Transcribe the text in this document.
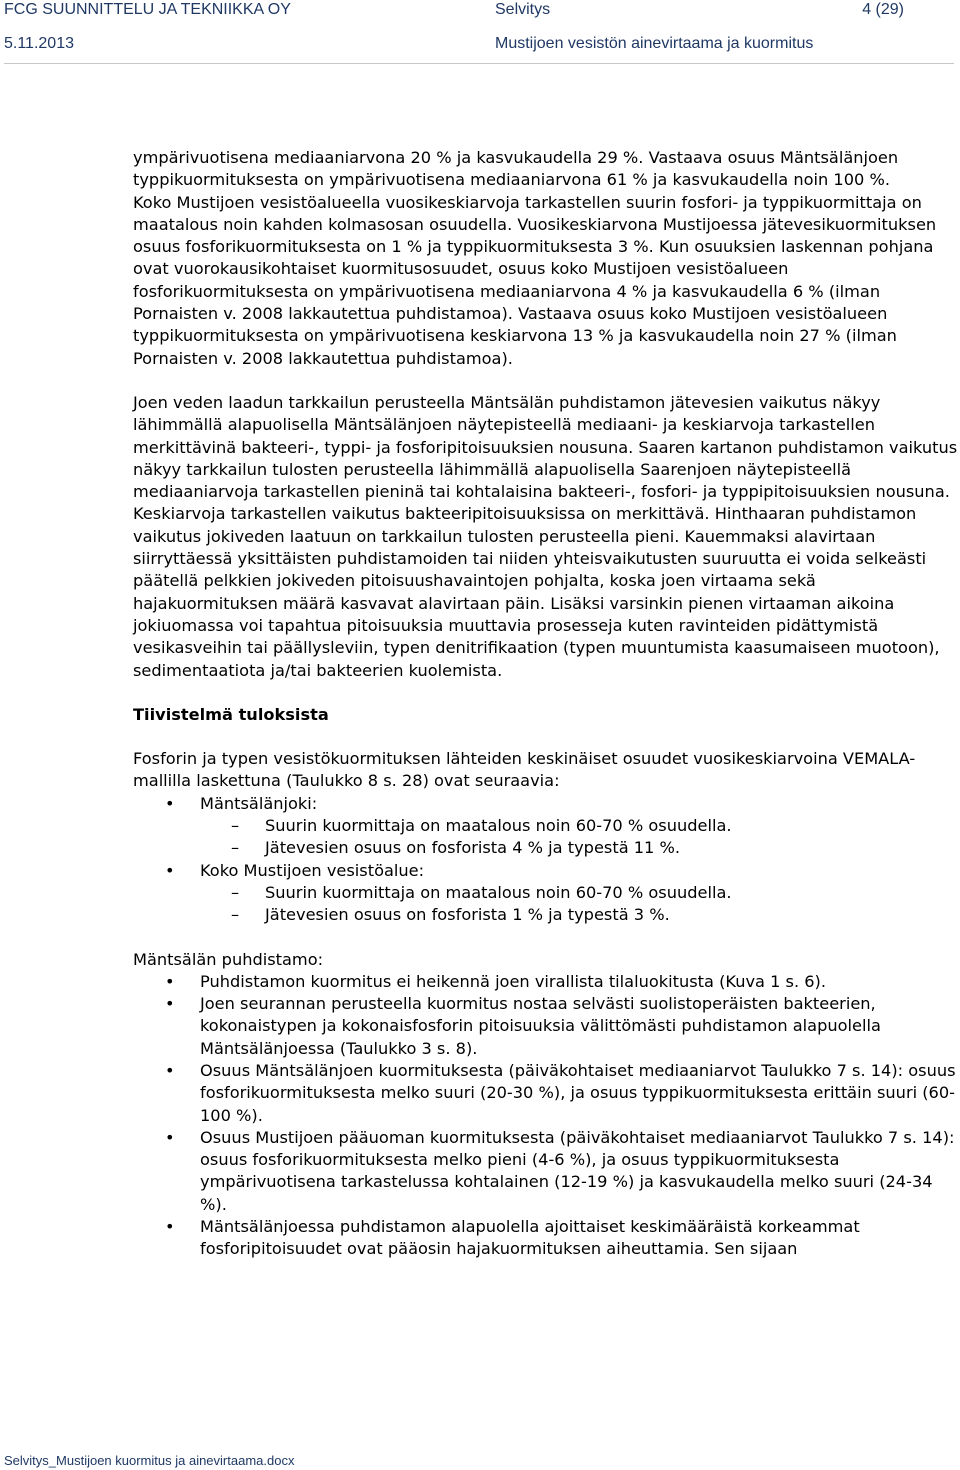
FCG SUUNNITTELU JA TEKNIIKKA OY	Selvitys	4 (29)
5.11.2013	Mustijoen vesistön ainevirtaama ja kuormitus

ympärivuotisena mediaaniarvona 20 % ja kasvukaudella 29 %. Vastaava osuus Mäntsälänjoen typpikuormituksesta on ympärivuotisena mediaaniarvona 61 % ja kasvukaudella noin 100 %.

Koko Mustijoen vesistöalueella vuosikeskiarvoja tarkastellen suurin fosfori- ja typpikuormittaja on maatalous noin kahden kolmasosan osuudella. Vuosikeskiarvona Mustijoessa jätevesikuormituksen osuus fosforikuormituksesta on 1 % ja typpikuormituksesta 3 %. Kun osuuksien laskennan pohjana ovat vuorokausikohtaiset kuormitusosuudet, osuus koko Mustijoen vesistöalueen fosforikuormituksesta on ympärivuotisena mediaaniarvona 4 % ja kasvukaudella 6 % (ilman Pornaisten v. 2008 lakkautettua puhdistamoa). Vastaava osuus koko Mustijoen vesistöalueen typpikuormituksesta on ympärivuotisena keskiarvona 13 % ja kasvukaudella noin 27 % (ilman Pornaisten v. 2008 lakkautettua puhdistamoa).

Joen veden laadun tarkkailun perusteella Mäntsälän puhdistamon jätevesien vaikutus näkyy lähimmällä alapuolisella Mäntsälänjoen näytepisteellä mediaani- ja keskiarvoja tarkastellen merkittävinä bakteeri-, typpi- ja fosforipitoisuuksien nousuna. Saaren kartanon puhdistamon vaikutus näkyy tarkkailun tulosten perusteella lähimmällä alapuolisella Saarenjoen näytepisteellä mediaaniarvoja tarkastellen pieninä tai kohtalaisina bakteeri-, fosfori- ja typpipitoisuuksien nousuna. Keskiarvoja tarkastellen vaikutus bakteeripitoisuuksissa on merkittävä. Hinthaaran puhdistamon vaikutus jokiveden laatuun on tarkkailun tulosten perusteella pieni. Kauemmaksi alavirtaan siirryttäessä yksittäisten puhdistamoiden tai niiden yhteisvaikutusten suuruutta ei voida selkeästi päätellä pelkkien jokiveden pitoisuushavaintojen pohjalta, koska joen virtaama sekä hajakuormituksen määrä kasvavat alavirtaan päin. Lisäksi varsinkin pienen virtaaman aikoina jokiuomassa voi tapahtua pitoisuuksia muuttavia prosesseja kuten ravinteiden pidättymistä vesikasveihin tai päällysleviin, typen denitrifikaation (typen muuntumista kaasumaiseen muotoon), sedimentaatiota ja/tai bakteerien kuolemista.

Tiivistelmä tuloksista

Fosforin ja typen vesistökuormituksen lähteiden keskinäiset osuudet vuosikeskiarvoina VEMALA-mallilla laskettuna (Taulukko 8 s. 28) ovat seuraavia:

• Mäntsälänjoki:
– Suurin kuormittaja on maatalous noin 60-70 % osuudella.
– Jätevesien osuus on fosforista 4 % ja typestä 11 %.
• Koko Mustijoen vesistöalue:
– Suurin kuormittaja on maatalous noin 60-70 % osuudella.
– Jätevesien osuus on fosforista 1 % ja typestä 3 %.

Mäntsälän puhdistamo:

• Puhdistamon kuormitus ei heikennä joen virallista tilaluokitusta (Kuva 1 s. 6).
• Joen seurannan perusteella kuormitus nostaa selvästi suolistoperäisten bakteerien, kokonaistypen ja kokonaisfosforin pitoisuuksia välittömästi puhdistamon alapuolella Mäntsälänjoessa (Taulukko 3 s. 8).
• Osuus Mäntsälänjoen kuormituksesta (päiväkohtaiset mediaaniarvot Taulukko 7 s. 14): osuus fosforikuormituksesta melko suuri (20-30 %), ja osuus typpikuormituksesta erittäin suuri (60-100 %).
• Osuus Mustijoen pääuoman kuormituksesta (päiväkohtaiset mediaaniarvot Taulukko 7 s. 14): osuus fosforikuormituksesta melko pieni (4-6 %), ja osuus typpikuormituksesta ympärivuotisena tarkastelussa kohtalainen (12-19 %) ja kasvukaudella melko suuri (24-34 %).
• Mäntsälänjoessa puhdistamon alapuolella ajoittaiset keskimääräistä korkeammat fosforipitoisuudet ovat pääosin hajakuormituksen aiheuttamia. Sen sijaan
Selvitys_Mustijoen kuormitus ja ainevirtaama.docx
